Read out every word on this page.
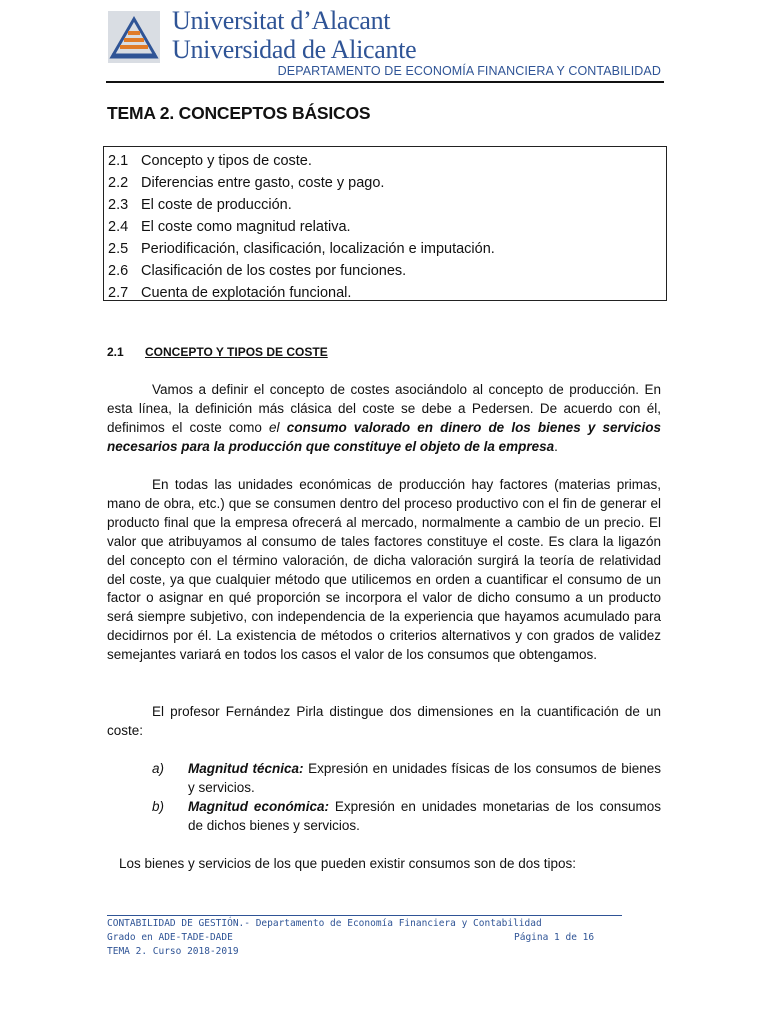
Universitat d’Alacant
Universidad de Alicante
DEPARTAMENTO DE ECONOMÍA FINANCIERA Y CONTABILIDAD
TEMA 2. CONCEPTOS BÁSICOS
2.1 Concepto y tipos de coste.
2.2 Diferencias entre gasto, coste y pago.
2.3 El coste de producción.
2.4 El coste como magnitud relativa.
2.5 Periodificación, clasificación, localización e imputación.
2.6 Clasificación de los costes por funciones.
2.7 Cuenta de explotación funcional.
2.1 CONCEPTO Y TIPOS DE COSTE

Vamos a definir el concepto de costes asociándolo al concepto de producción. En esta línea, la definición más clásica del coste se debe a Pedersen. De acuerdo con él, definimos el coste como el consumo valorado en dinero de los bienes y servicios necesarios para la producción que constituye el objeto de la empresa.

En todas las unidades económicas de producción hay factores (materias primas, mano de obra, etc.) que se consumen dentro del proceso productivo con el fin de generar el producto final que la empresa ofrecerá al mercado, normalmente a cambio de un precio. El valor que atribuyamos al consumo de tales factores constituye el coste. Es clara la ligazón del concepto con el término valoración, de dicha valoración surgirá la teoría de relatividad del coste, ya que cualquier método que utilicemos en orden a cuantificar el consumo de un factor o asignar en qué proporción se incorpora el valor de dicho consumo a un producto será siempre subjetivo, con independencia de la experiencia que hayamos acumulado para decidirnos por él. La existencia de métodos o criterios alternativos y con grados de validez semejantes variará en todos los casos el valor de los consumos que obtengamos.

El profesor Fernández Pirla distingue dos dimensiones en la cuantificación de un coste:

a) Magnitud técnica: Expresión en unidades físicas de los consumos de bienes y servicios.
b) Magnitud económica: Expresión en unidades monetarias de los consumos de dichos bienes y servicios.
Los bienes y servicios de los que pueden existir consumos son de dos tipos:
CONTABILIDAD DE GESTIÓN.- Departamento de Economía Financiera y Contabilidad
Grado en ADE-TADE-DADE	Página 1 de 16
TEMA 2. Curso 2018-2019
